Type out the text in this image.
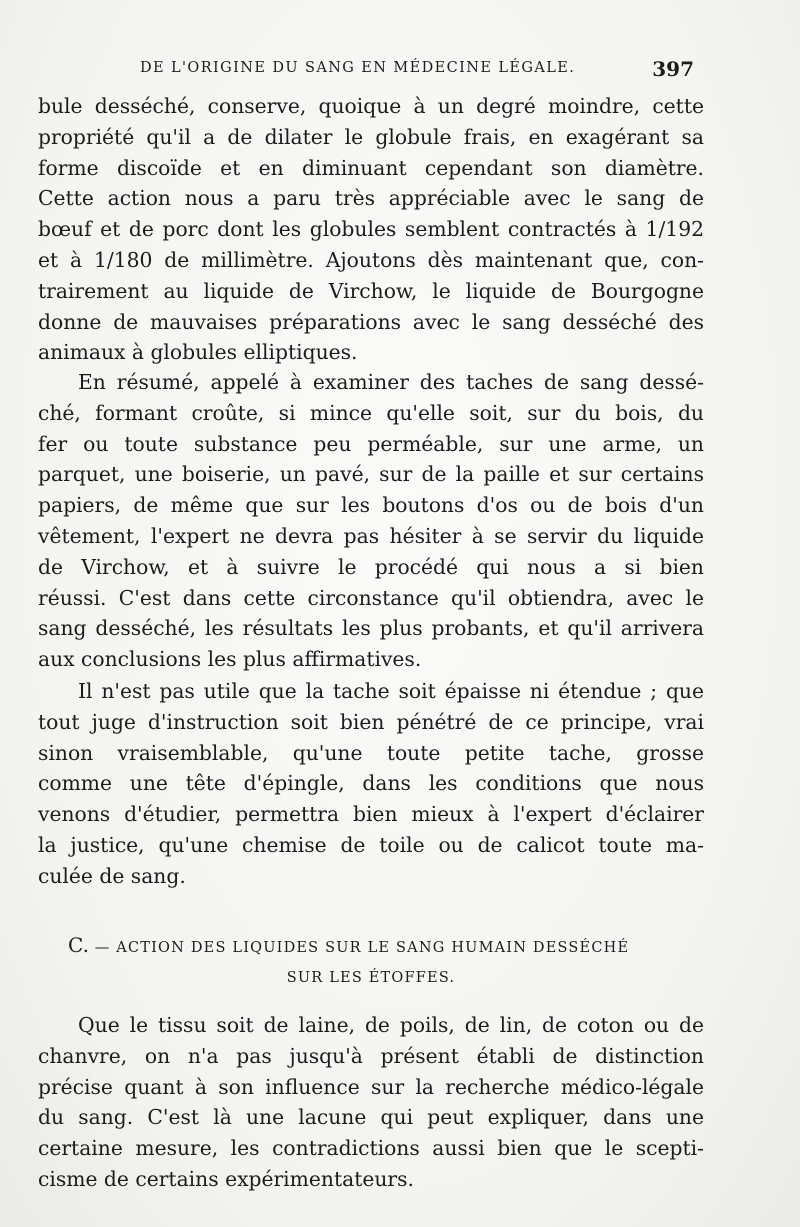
DE L'ORIGINE DU SANG EN MÉDECINE LÉGALE.	397
bule desséché, conserve, quoique à un degré moindre, cette
propriété qu'il a de dilater le globule frais, en exagérant sa
forme discoïde et en diminuant cependant son diamètre.
Cette action nous a paru très appréciable avec le sang de
bœuf et de porc dont les globules semblent contractés à 1/192
et à 1/180 de millimètre. Ajoutons dès maintenant que, con-
trairement au liquide de Virchow, le liquide de Bourgogne
donne de mauvaises préparations avec le sang desséché des
animaux à globules elliptiques.
En résumé, appelé à examiner des taches de sang dessé-
ché, formant croûte, si mince qu'elle soit, sur du bois, du
fer ou toute substance peu perméable, sur une arme, un
parquet, une boiserie, un pavé, sur de la paille et sur certains
papiers, de même que sur les boutons d'os ou de bois d'un
vêtement, l'expert ne devra pas hésiter à se servir du liquide
de Virchow, et à suivre le procédé qui nous a si bien
réussi. C'est dans cette circonstance qu'il obtiendra, avec le
sang desséché, les résultats les plus probants, et qu'il arrivera
aux conclusions les plus affirmatives.
Il n'est pas utile que la tache soit épaisse ni étendue ; que
tout juge d'instruction soit bien pénétré de ce principe, vrai
sinon vraisemblable, qu'une toute petite tache, grosse
comme une tête d'épingle, dans les conditions que nous
venons d'étudier, permettra bien mieux à l'expert d'éclairer
la justice, qu'une chemise de toile ou de calicot toute ma-
culée de sang.
C. — ACTION DES LIQUIDES SUR LE SANG HUMAIN DESSÉCHÉ
SUR LES ÉTOFFES.
Que le tissu soit de laine, de poils, de lin, de coton ou de
chanvre, on n'a pas jusqu'à présent établi de distinction
précise quant à son influence sur la recherche médico-légale
du sang. C'est là une lacune qui peut expliquer, dans une
certaine mesure, les contradictions aussi bien que le scepti-
cisme de certains expérimentateurs.
